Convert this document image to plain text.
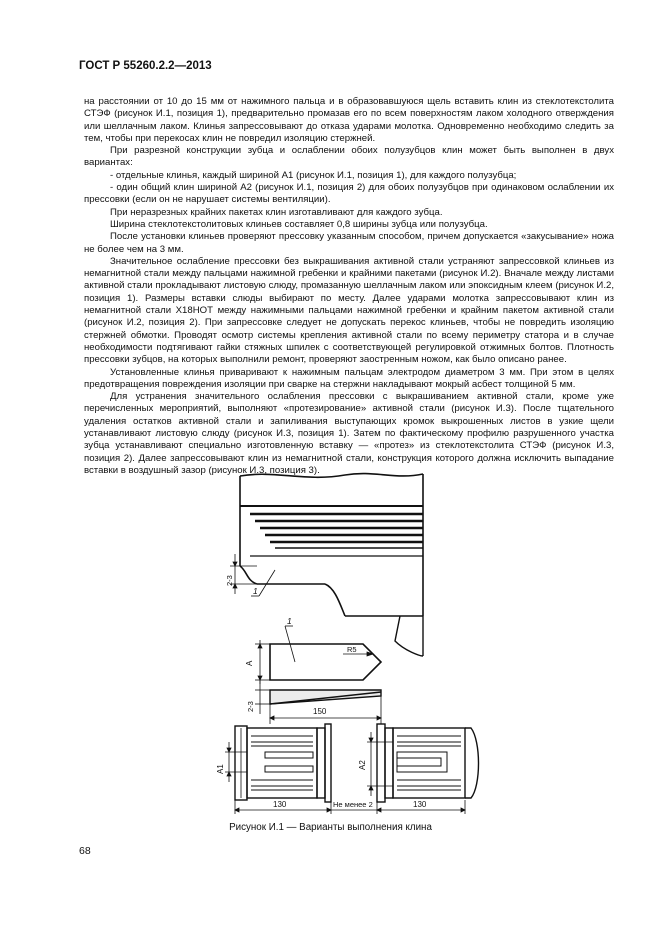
ГОСТ Р 55260.2.2—2013

на расстоянии от 10 до 15 мм от нажимного пальца и в образовавшуюся щель вставить клин из стеклотекстолита СТЭФ (рисунок И.1, позиция 1), предварительно промазав его по всем поверхностям лаком холодного отверждения или шеллачным лаком. Клинья запрессовывают до отказа ударами молотка. Одновременно необходимо следить за тем, чтобы при перекосах клин не повредил изоляцию стержней.

При разрезной конструкции зубца и ослаблении обоих полузубцов клин может быть выполнен в двух вариантах:

- отдельные клинья, каждый шириной A1 (рисунок И.1, позиция 1), для каждого полузубца;

- один общий клин шириной A2 (рисунок И.1, позиция 2) для обоих полузубцов при одинаковом ослаблении их прессовки (если он не нарушает системы вентиляции).

При неразрезных крайних пакетах клин изготавливают для каждого зубца.

Ширина стеклотекстолитовых клиньев составляет 0,8 ширины зубца или полузубца.

После установки клиньев проверяют прессовку указанным способом, причем допускается «закусывание» ножа не более чем на 3 мм.

Значительное ослабление прессовки без выкрашивания активной стали устраняют запрессовкой клиньев из немагнитной стали между пальцами нажимной гребенки и крайними пакетами (рисунок И.2). Вначале между листами активной стали прокладывают листовую слюду, промазанную шеллачным лаком или эпоксидным клеем (рисунок И.2, позиция 1). Размеры вставки слюды выбирают по месту. Далее ударами молотка запрессовывают клин из немагнитной стали Х18НОТ между нажимными пальцами нажимной гребенки и крайним пакетом активной стали (рисунок И.2, позиция 2). При запрессовке следует не допускать перекос клиньев, чтобы не повредить изоляцию стержней обмотки. Проводят осмотр системы крепления активной стали по всему периметру статора и в случае необходимости подтягивают гайки стяжных шпилек с соответствующей регулировкой отжимных болтов. Плотность прессовки зубцов, на которых выполнили ремонт, проверяют заостренным ножом, как было описано ранее.

Установленные клинья приваривают к нажимным пальцам электродом диаметром 3 мм. При этом в целях предотвращения повреждения изоляции при сварке на стержни накладывают мокрый асбест толщиной 5 мм.

Для устранения значительного ослабления прессовки с выкрашиванием активной стали, кроме уже перечисленных мероприятий, выполняют «протезирование» активной стали (рисунок И.3). После тщательного удаления остатков активной стали и запиливания выступающих кромок выкрошенных листов в узкие щели устанавливают листовую слюду (рисунок И.3, позиция 1). Затем по фактическому профилю разрушенного участка зубца устанавливают специально изготовленную вставку — «протез» из стеклотекстолита СТЭФ (рисунок И.3, позиция 2). Далее запрессовывают клин из немагнитной стали, конструкция которого должна исключить выпадание вставки в воздушный зазор (рисунок И.3, позиция 3).

2-3
1
A
1
R5
2-3	150
A1
130
A2
Не менее 2	130
Рисунок И.1 — Варианты выполнения клина
68
